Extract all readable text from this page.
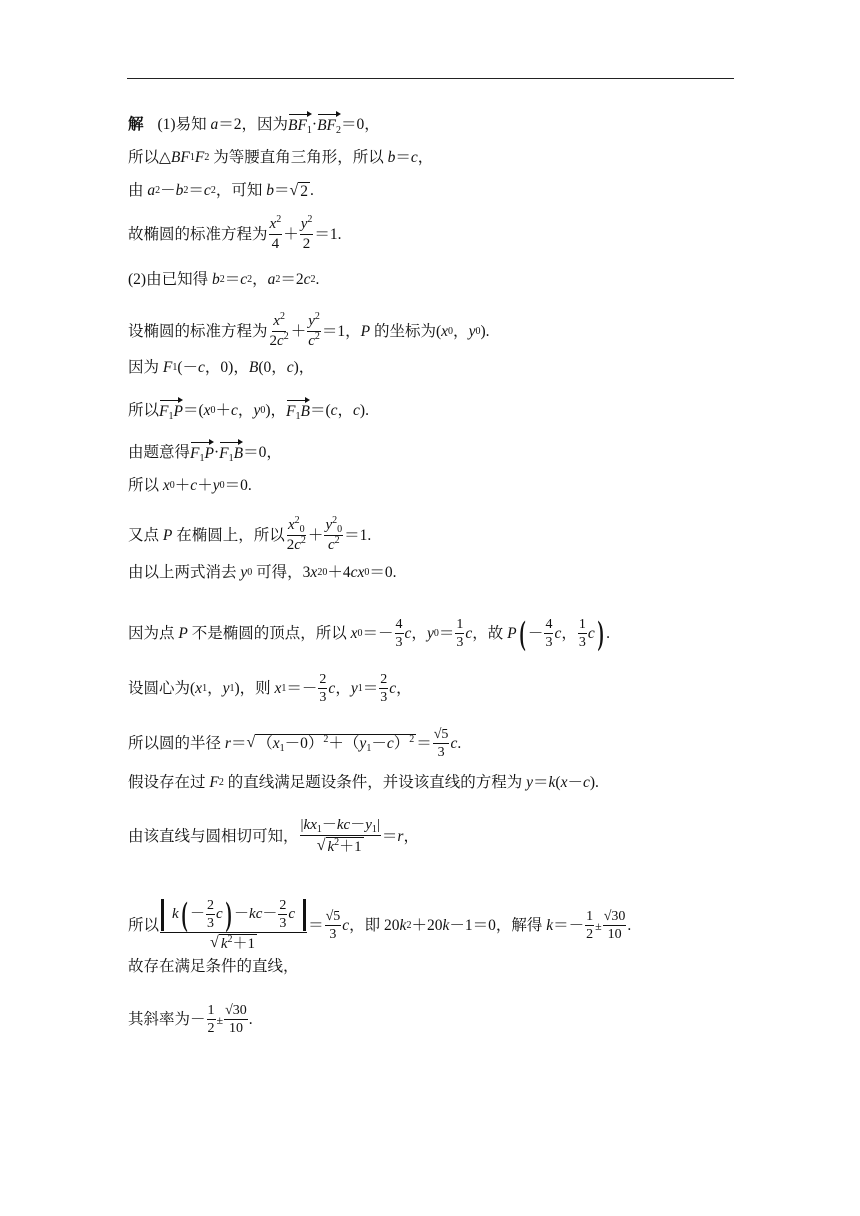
解 (1)易知 a ＝2，因为 $BF_1 \cdot BF_2 =0$，
所以△ BF 1 F 2 为等腰直角三角形，所以 b ＝ c ，
由 a 2 － b 2 ＝ c 2 ，可知 b ＝ √ 2 .
故椭圆的标准方程为 $\frac{x^2}{4} + \frac{y^2}{2} =1$.
(2)由已知得 b 2 ＝ c 2 ， a 2 ＝2 c 2 .
设椭圆的标准方程为 $\frac{x^2}{2c^2} + \frac{y^2}{c^2} =1$， P 的坐标为( x 0 ， y 0 ).
因为 F 1 (－ c ，0)， B (0， c )，
所以 $F_1P$ ＝( x 0 ＋ c ， y 0 )， $F_1B$ ＝( c ， c ).
由题意得 $F_1P \cdot F_1B =0$，
所以 x 0 ＋ c ＋ y 0 ＝0.
又点 P 在椭圆上，所以 $\frac{x^2_0}{2c^2} + \frac{y^2_0}{c^2} =1$.
由以上两式消去 y 0 可得，3 x 2 0 ＋4 c x 0 ＝0.
因为点 P 不是椭圆的顶点，所以 x $0 =- \frac{4}{3}$ c ， y $0 = \frac{1}{3}$ c ，故 P ( － $\frac{4}{3}$ c ， $\frac{1}{3}$ c ) .
设圆心为( x 1 ， y 1 )，则 x $1 =- \frac{2}{3}$ c ， y $1 = \frac{2}{3}$ c ，
所以圆的半径 r ＝ √ $(x_1-0)^2+(y_1-c)^2 = \frac{√5}{3}$ c .
假设存在过 F 2 的直线满足题设条件，并设该直线的方程为 y ＝ k ( x － c ).
由该直线与圆相切可知， $\frac{|kx_1-kc-y_1|}{√ k^2+1} = r$ ，
所以 $\frac{k ( - \frac{2}{3} c ) - kc - \frac{2}{3} c}{√ k^2+1} = \frac{√5}{3}$ c ，即 20 k 2 ＋20 k －1＝0，解得 $k =- \frac{1}{2} \pm \frac{√30}{10}$ .
故存在满足条件的直线，
其斜率为－ $\frac{1}{2} \pm \frac{√30}{10}$ .
